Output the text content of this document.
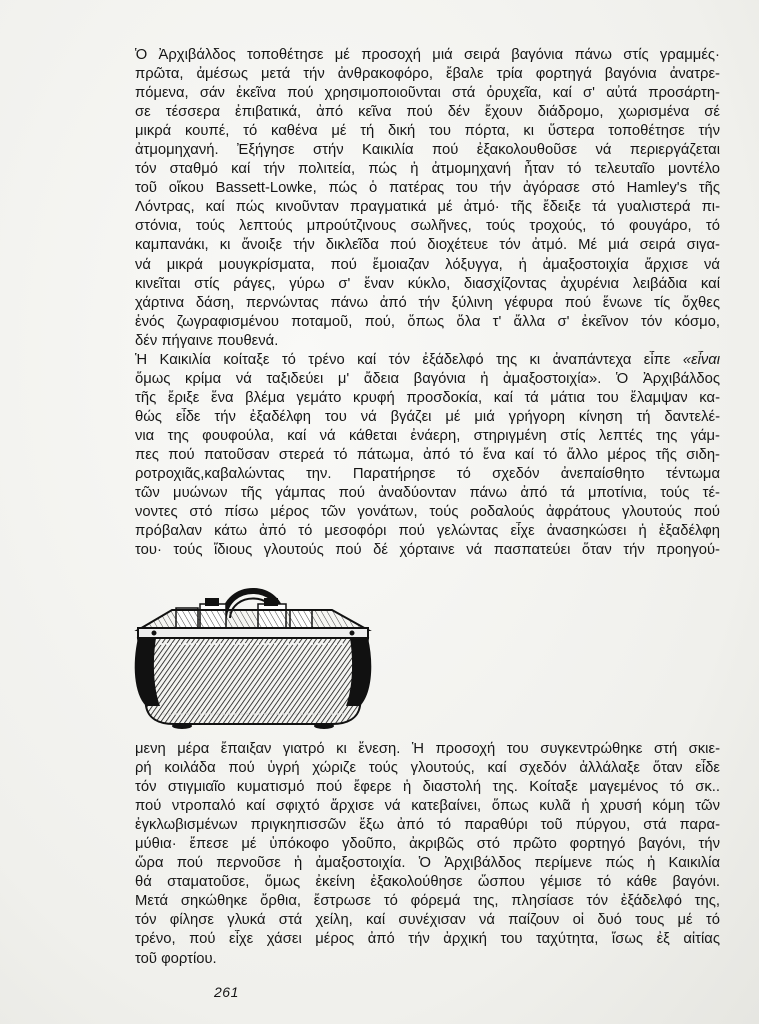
Ὁ Ἀρχιβάλδος τοποθέτησε μέ προσοχή μιά σειρά βαγόνια πάνω στίς γραμμές·
πρῶτα, ἀμέσως μετά τήν ἀνθρακοφόρο, ἔβαλε τρία φορτηγά βαγόνια ἀνατρε-
πόμενα, σάν ἐκεῖνα πού χρησιμοποιοῦνται στά ὀρυχεῖα, καί σ' αὐτά προσάρτη-
σε τέσσερα ἐπιβατικά, ἀπό κεῖνα πού δέν ἔχουν διάδρομο, χωρισμένα σέ
μικρά κουπέ, τό καθένα μέ τή δική του πόρτα, κι ὕστερα τοποθέτησε τήν
ἀτμομηχανή. Ἐξήγησε στήν Καικιλία πού ἐξακολουθοῦσε νά περιεργάζεται
τόν σταθμό καί τήν πολιτεία, πώς ἡ ἀτμομηχανή ἦταν τό τελευταῖο μοντέλο
τοῦ οἴκου Bassett-Lowke, πώς ὁ πατέρας του τήν ἀγόρασε στό Hamley's τῆς
Λόντρας, καί πώς κινοῦνταν πραγματικά μέ ἀτμό· τῆς ἔδειξε τά γυαλιστερά πι-
στόνια, τούς λεπτούς μπρούτζινους σωλῆνες, τούς τροχούς, τό φουγάρο, τό
καμπανάκι, κι ἄνοιξε τήν δικλεῖδα πού διοχέτευε τόν ἀτμό. Μέ μιά σειρά σιγα-
νά μικρά μουγκρίσματα, πού ἔμοιαζαν λόξυγγα, ἡ ἀμαξοστοιχία ἄρχισε νά
κινεῖται στίς ράγες, γύρω σ' ἕναν κύκλο, διασχίζοντας ἀχυρένια λειβάδια καί
χάρτινα δάση, περνώντας πάνω ἀπό τήν ξύλινη γέφυρα πού ἕνωνε τίς ὄχθες
ἑνός ζωγραφισμένου ποταμοῦ, πού, ὅπως ὅλα τ' ἄλλα σ' ἐκεῖνον τόν κόσμο,
δέν πήγαινε πουθενά.
Ἡ Καικιλία κοίταξε τό τρένο καί τόν ἐξάδελφό της κι ἀναπάντεχα εἶπε «εἶναι
ὅμως κρίμα νά ταξιδεύει μ' ἄδεια βαγόνια ἡ ἀμαξοστοιχία». Ὁ Ἀρχιβάλδος
τῆς ἔριξε ἕνα βλέμα γεμάτο κρυφή προσδοκία, καί τά μάτια του ἔλαμψαν κα-
θώς εἶδε τήν ἐξαδέλφη του νά βγάζει μέ μιά γρήγορη κίνηση τή δαντελέ-
νια της φουφούλα, καί νά κάθεται ἐνάερη, στηριγμένη στίς λεπτές της γάμ-
πες πού πατοῦσαν στερεά τό πάτωμα, ἀπό τό ἕνα καί τό ἄλλο μέρος τῆς σιδη-
ροτροχιᾶς,καβαλώντας την. Παρατήρησε τό σχεδόν ἀνεπαίσθητο τέντωμα
τῶν μυώνων τῆς γάμπας πού ἀναδύονταν πάνω ἀπό τά μποτίνια, τούς τέ-
νοντες στό πίσω μέρος τῶν γονάτων, τούς ροδαλούς ἀφράτους γλουτούς πού
πρόβαλαν κάτω ἀπό τό μεσοφόρι πού γελώντας εἶχε ἀνασηκώσει ἡ ἐξαδέλφη
του· τούς ἴδιους γλουτούς πού δέ χόρταινε νά πασπατεύει ὅταν τήν προηγού-
μενη μέρα ἔπαιξαν γιατρό κι ἔνεση. Ἡ προσοχή του συγκεντρώθηκε στή σκιε-
ρή κοιλάδα πού ὑγρή χώριζε τούς γλουτούς, καί σχεδόν ἀλλάλαξε ὅταν εἶδε
τόν στιγμιαῖο κυματισμό πού ἔφερε ἡ διαστολή της. Κοίταξε μαγεμένος τό σκ..
πού ντροπαλό καί σφιχτό ἄρχισε νά κατεβαίνει, ὅπως κυλᾶ ἡ χρυσή κόμη τῶν
ἐγκλωβισμένων πριγκηπισσῶν ἔξω ἀπό τό παραθύρι τοῦ πύργου, στά παρα-
μύθια· ἔπεσε μέ ὑπόκοφο γδοῦπο, ἀκριβῶς στό πρῶτο φορτηγό βαγόνι, τήν
ὥρα πού περνοῦσε ἡ ἀμαξοστοιχία. Ὁ Ἀρχιβάλδος περίμενε πώς ἡ Καικιλία
θά σταματοῦσε, ὅμως ἐκείνη ἐξακολούθησε ὥσπου γέμισε τό κάθε βαγόνι.
Μετά σηκώθηκε ὄρθια, ἔστρωσε τό φόρεμά της, πλησίασε τόν ἐξάδελφό της,
τόν φίλησε γλυκά στά χείλη, καί συνέχισαν νά παίζουν οἱ δυό τους μέ τό
τρένο, πού εἶχε χάσει μέρος ἀπό τήν ἀρχική του ταχύτητα, ἴσως ἐξ αἰτίας
τοῦ φορτίου.
261
